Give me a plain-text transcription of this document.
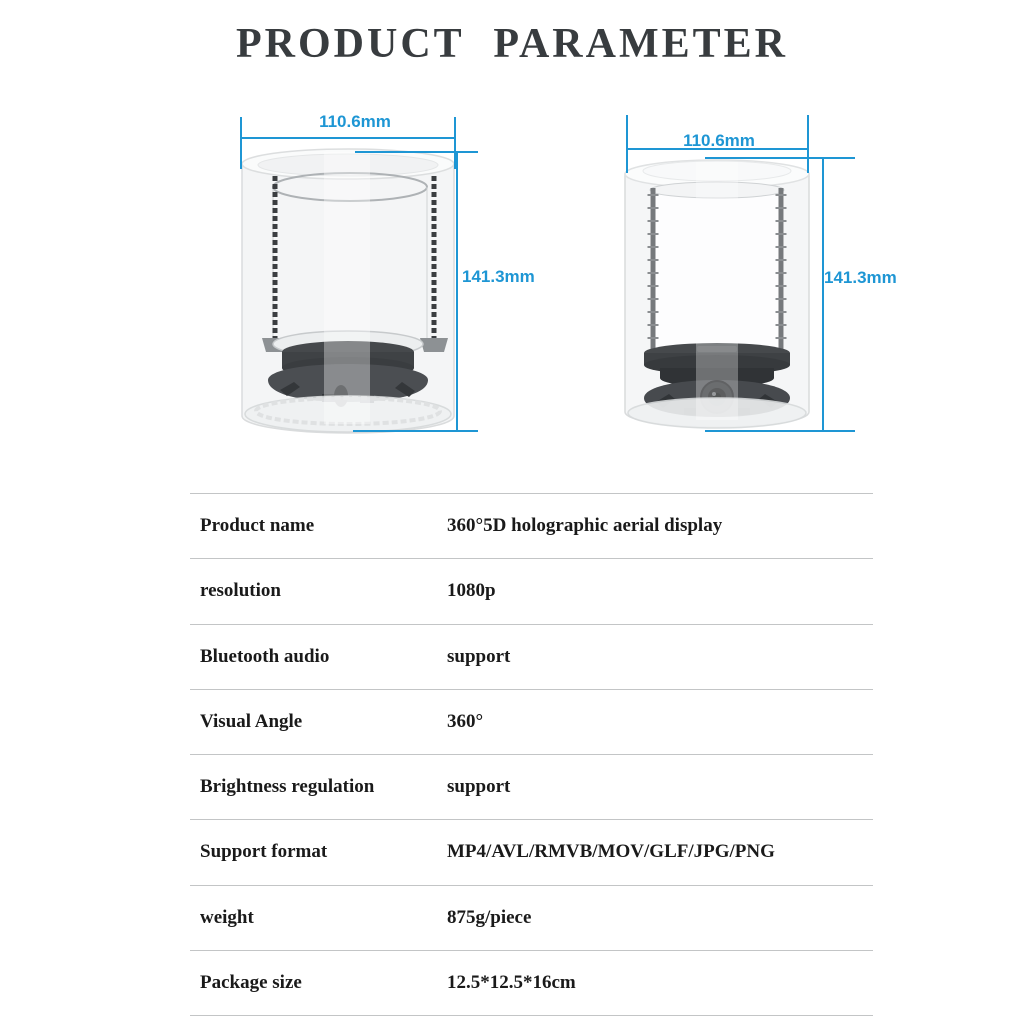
PRODUCT PARAMETER
110.6mm
141.3mm
110.6mm
141.3mm
Product name	360°5D holographic aerial display
resolution	1080p
Bluetooth audio	support
Visual Angle	360°
Brightness regulation	support
Support format	MP4/AVL/RMVB/MOV/GLF/JPG/PNG
weight	875g/piece
Package size	12.5*12.5*16cm
